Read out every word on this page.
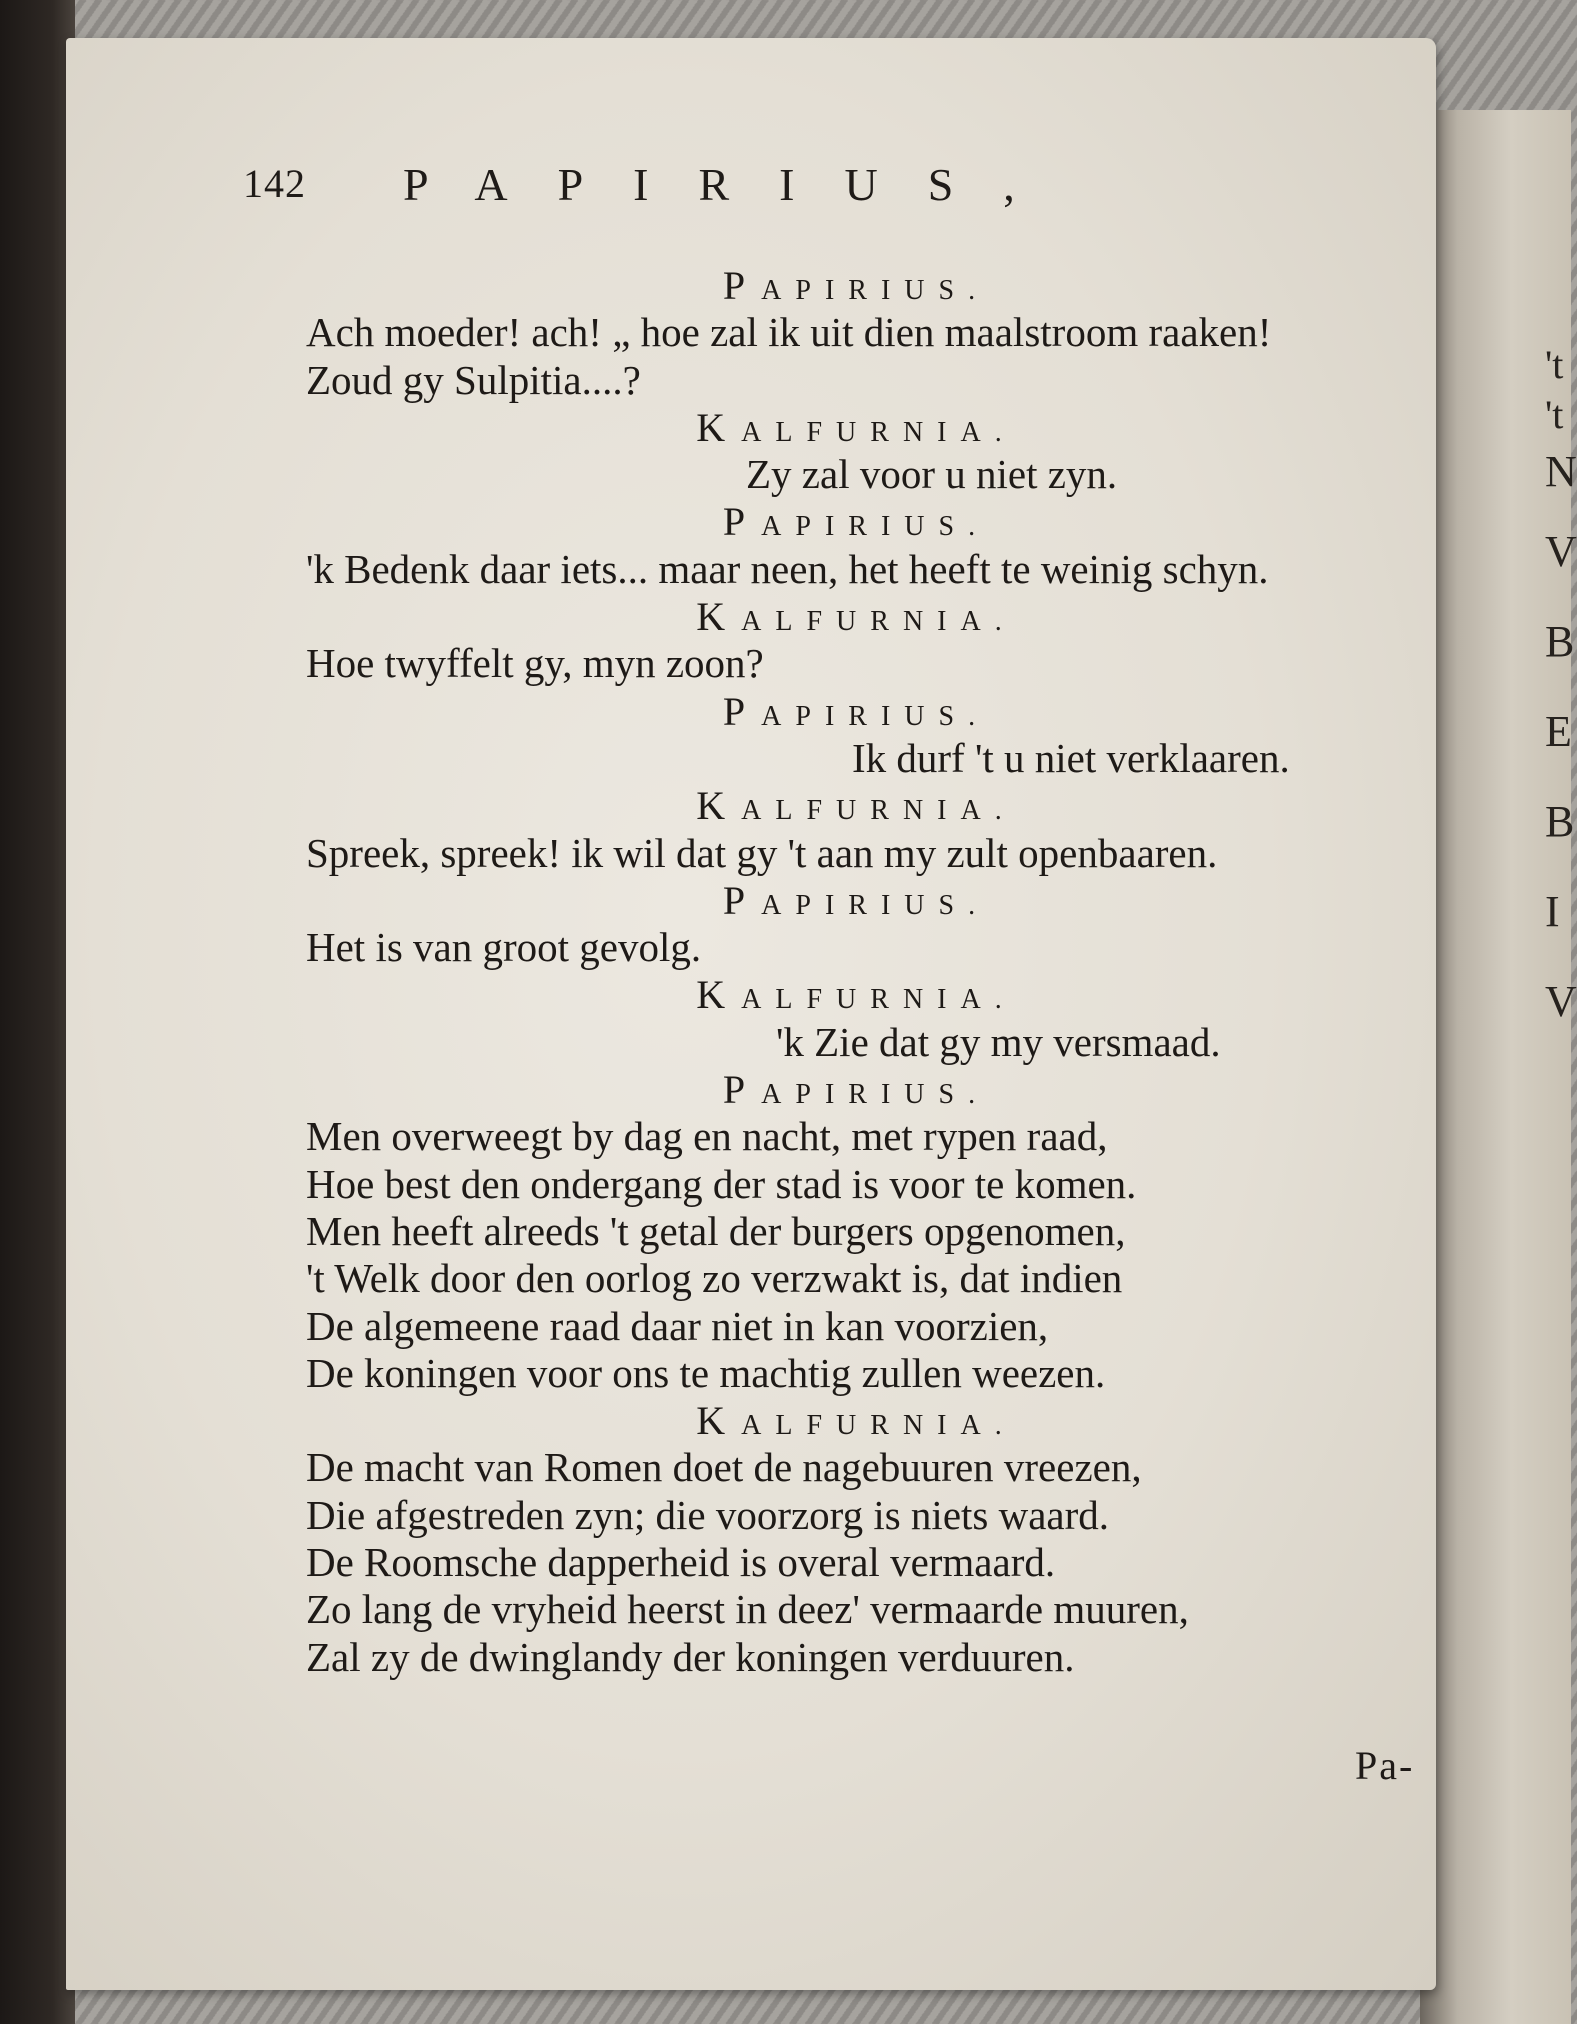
't
't
N
V
B
E
B
I
V
142 PAPIRIUS,
PAPIRIUS.
Ach moeder! ach! „ hoe zal ik uit dien maalstroom raaken!
Zoud gy Sulpitia....?
KALFURNIA.
Zy zal voor u niet zyn.
PAPIRIUS.
'k Bedenk daar iets... maar neen, het heeft te weinig schyn.
KALFURNIA.
Hoe twyffelt gy, myn zoon?
PAPIRIUS.
Ik durf 't u niet verklaaren.
KALFURNIA.
Spreek, spreek! ik wil dat gy 't aan my zult openbaaren.
PAPIRIUS.
Het is van groot gevolg.
KALFURNIA.
'k Zie dat gy my versmaad.
PAPIRIUS.
Men overweegt by dag en nacht, met rypen raad,
Hoe best den ondergang der stad is voor te komen.
Men heeft alreeds 't getal der burgers opgenomen,
't Welk door den oorlog zo verzwakt is, dat indien
De algemeene raad daar niet in kan voorzien,
De koningen voor ons te machtig zullen weezen.
KALFURNIA.
De macht van Romen doet de nagebuuren vreezen,
Die afgestreden zyn; die voorzorg is niets waard.
De Roomsche dapperheid is overal vermaard.
Zo lang de vryheid heerst in deez' vermaarde muuren,
Zal zy de dwinglandy der koningen verduuren.
Pa-
